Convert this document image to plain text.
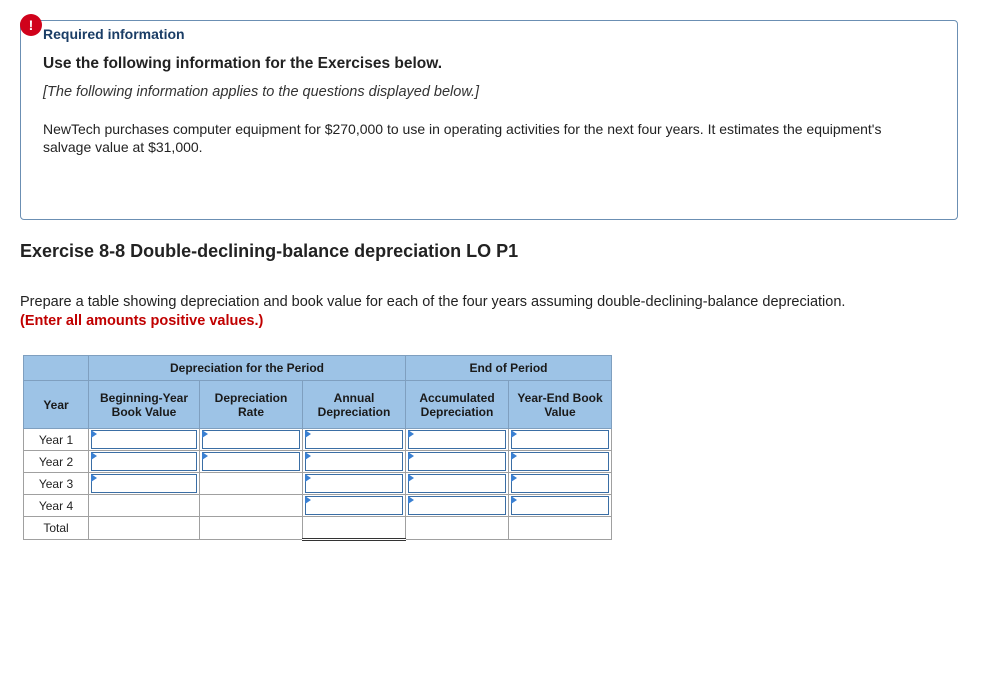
!
Required information
Use the following information for the Exercises below.
[The following information applies to the questions displayed below.]
NewTech purchases computer equipment for $270,000 to use in operating activities for the next four years. It estimates the equipment's salvage value at $31,000.
Exercise 8-8 Double-declining-balance depreciation LO P1
Prepare a table showing depreciation and book value for each of the four years assuming double-declining-balance depreciation.
(Enter all amounts positive values.)
	Depreciation for the Period			End of Period	
Year	Beginning-Year Book Value	Depreciation Rate	Annual Depreciation	Accumulated Depreciation	Year-End Book Value
Year 1	

Year 2	

Year 3	

Year 4			

Total					
